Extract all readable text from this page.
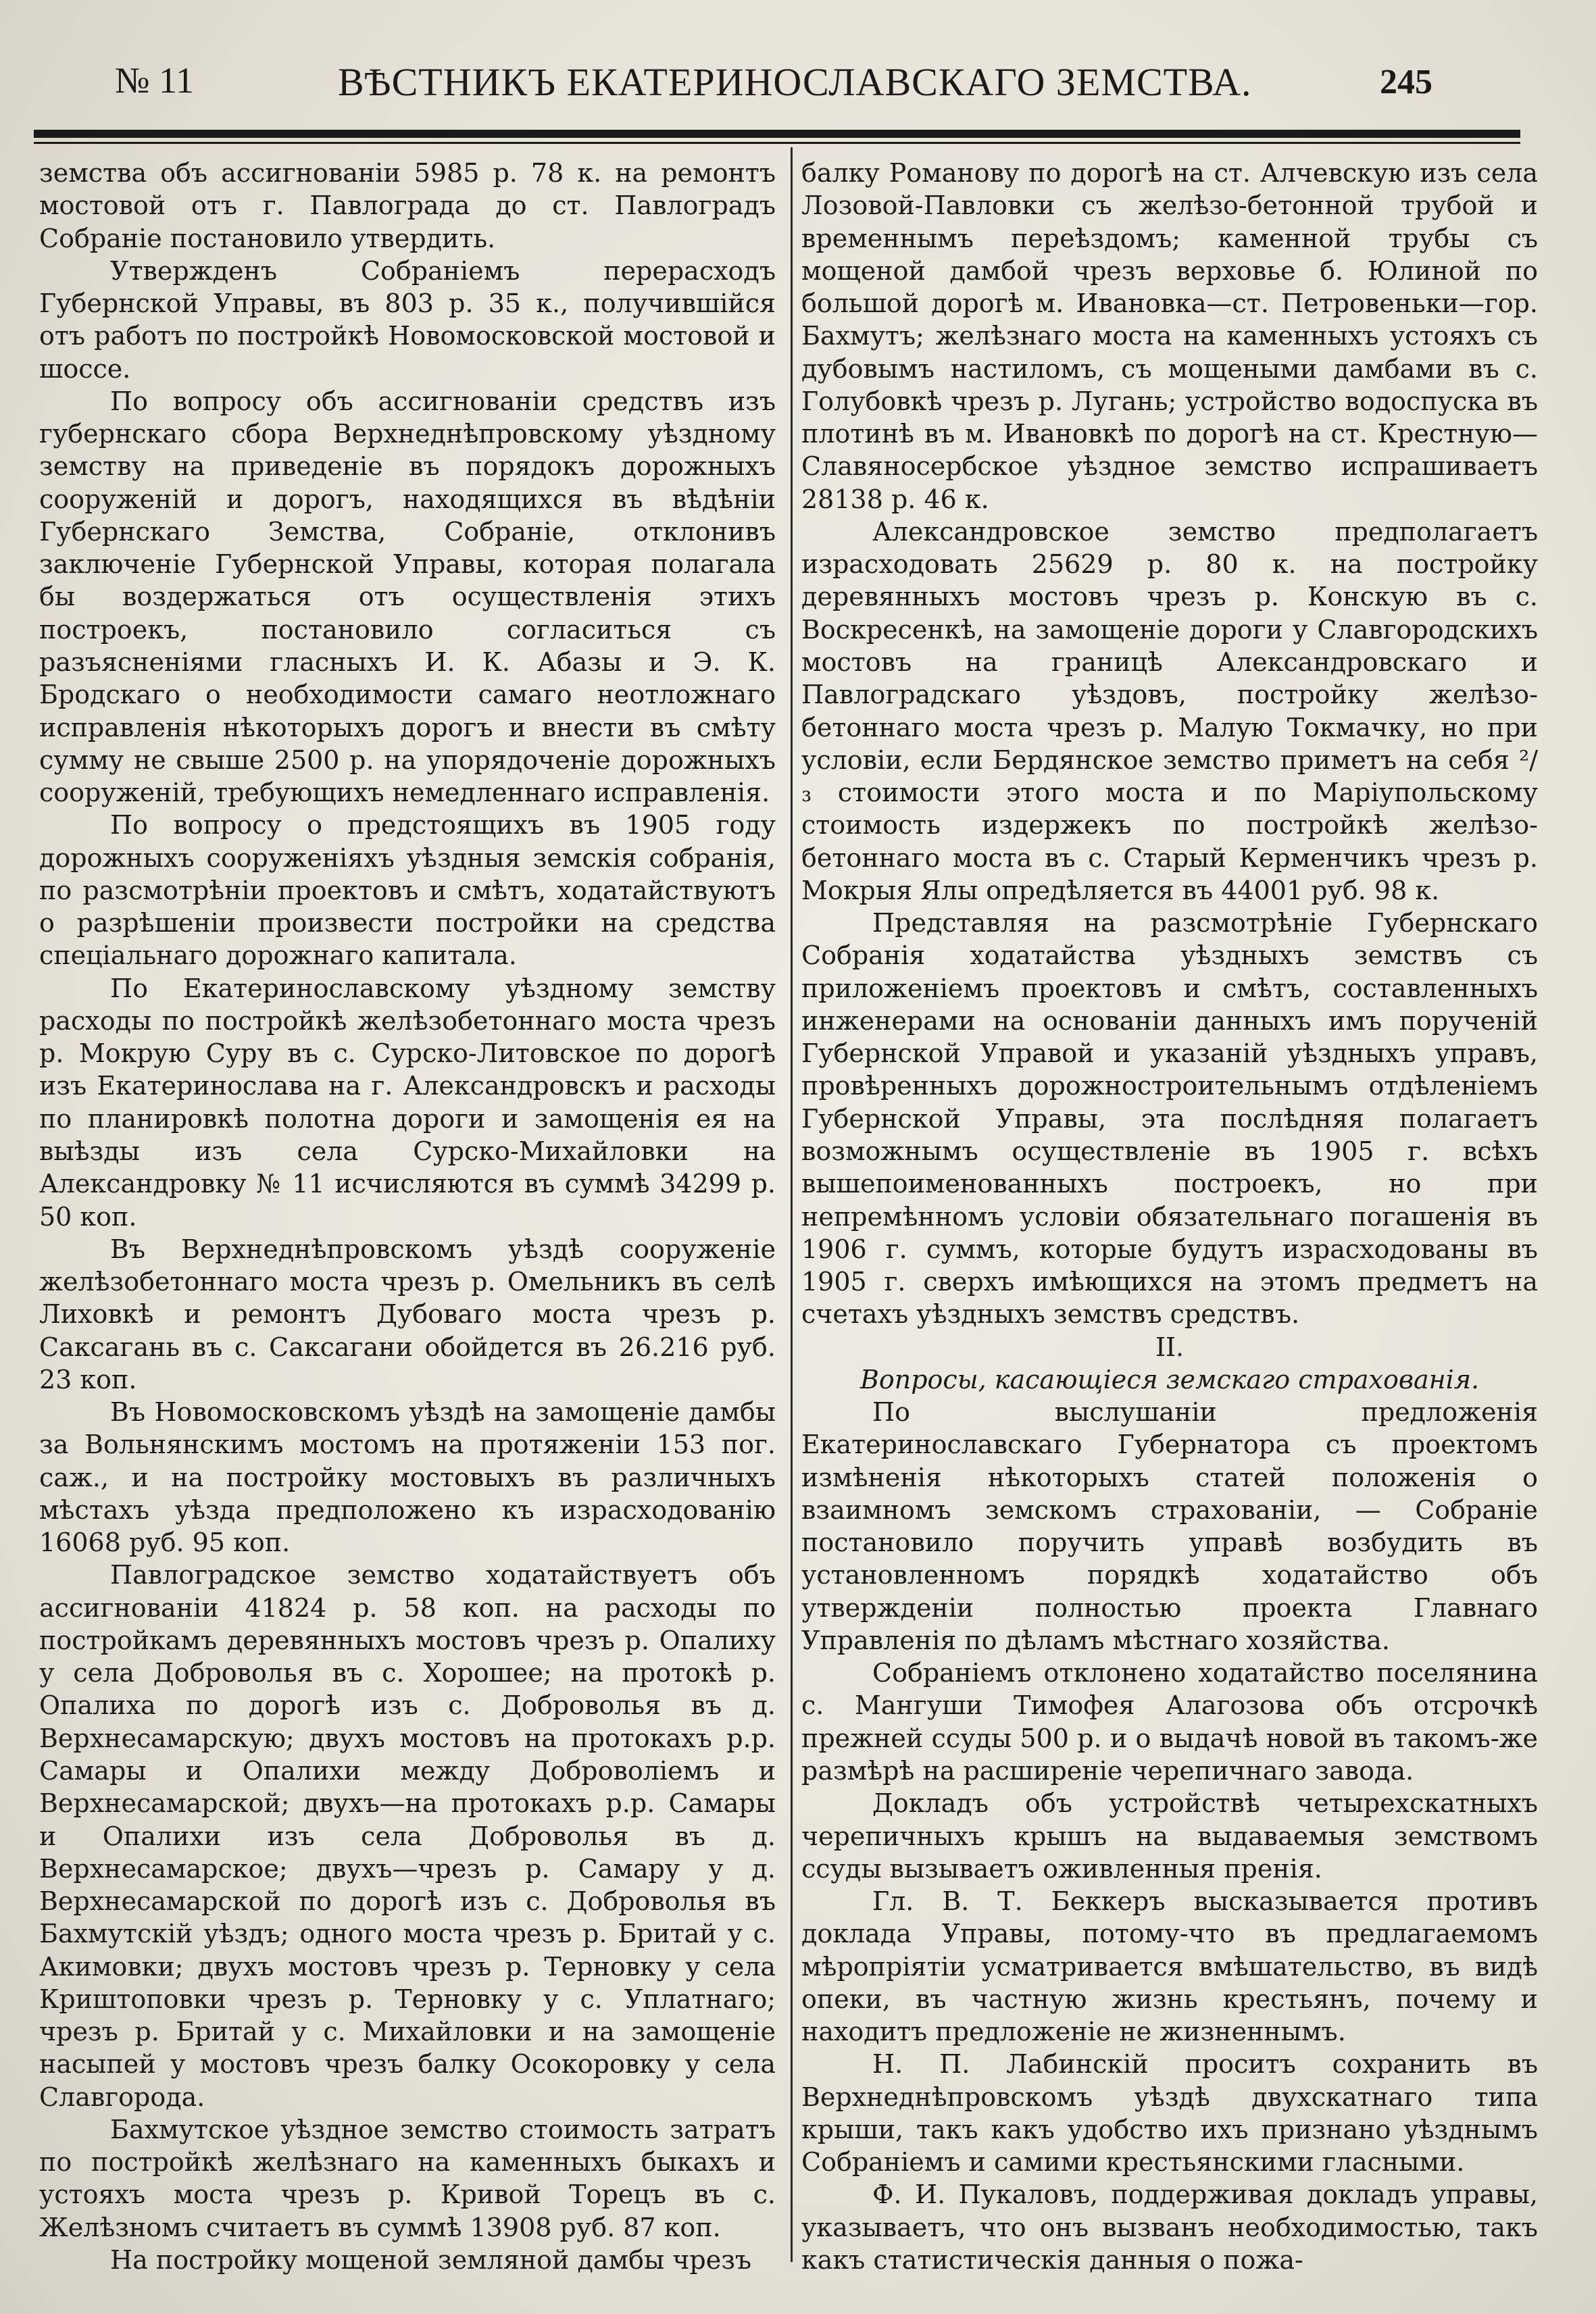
№ 11	ВѢСТНИКЪ ЕКАТЕРИНОСЛАВСКАГО ЗЕМСТВА.	245

земства объ ассигнованіи 5985 р. 78 к. на ремонтъ мостовой отъ г. Павлограда до ст. Павлоградъ Собраніе постановило утвердить.

Утвержденъ Собраніемъ перерасходъ Губернской Управы, въ 803 р. 35 к., получившійся отъ работъ по постройкѣ Новомосковской мостовой и шоссе.

По вопросу объ ассигнованіи средствъ изъ губернскаго сбора Верхнеднѣпровскому уѣздному земству на приведеніе въ порядокъ дорожныхъ сооруженій и дорогъ, находящихся въ вѣдѣніи Губернскаго Земства, Собраніе, отклонивъ заключеніе Губернской Управы, которая полагала бы воздержаться отъ осуществленія этихъ построекъ, постановило согласиться съ разъясненіями гласныхъ И. К. Абазы и Э. К. Бродскаго о необходимости самаго неотложнаго исправленія нѣкоторыхъ дорогъ и внести въ смѣту сумму не свыше 2500 р. на упорядоченіе дорожныхъ сооруженій, требующихъ немедленнаго исправленія.

По вопросу о предстоящихъ въ 1905 году дорожныхъ сооруженіяхъ уѣздныя земскія собранія, по разсмотрѣніи проектовъ и смѣтъ, ходатайствуютъ о разрѣшеніи произвести постройки на средства спеціальнаго дорожнаго капитала.

По Екатеринославскому уѣздному земству расходы по постройкѣ желѣзобетоннаго моста чрезъ р. Мокрую Суру въ с. Сурско-Литовское по дорогѣ изъ Екатеринослава на г. Александровскъ и расходы по планировкѣ полотна дороги и замощенія ея на выѣзды изъ села Сурско-Михайловки на Александровку № 11 исчисляются въ суммѣ 34299 р. 50 коп.

Въ Верхнеднѣпровскомъ уѣздѣ сооруженіе желѣзобетоннаго моста чрезъ р. Омельникъ въ селѣ Лиховкѣ и ремонтъ Дубоваго моста чрезъ р. Саксагань въ с. Саксагани обойдется въ 26.216 руб. 23 коп.

Въ Новомосковскомъ уѣздѣ на замощеніе дамбы за Вольнянскимъ мостомъ на протяженіи 153 пог. саж., и на постройку мостовыхъ въ различныхъ мѣстахъ уѣзда предположено къ израсходованію 16068 руб. 95 коп.

Павлоградское земство ходатайствуетъ объ ассигнованіи 41824 р. 58 коп. на расходы по постройкамъ деревянныхъ мостовъ чрезъ р. Опалиху у села Доброволья въ с. Хорошее; на протокѣ р. Опалиха по дорогѣ изъ с. Доброволья въ д. Верхнесамарскую; двухъ мостовъ на протокахъ р.р. Самары и Опалихи между Доброволіемъ и Верхнесамарской; двухъ—на протокахъ р.р. Самары и Опалихи изъ села Доброволья въ д. Верхнесамарское; двухъ—чрезъ р. Самару у д. Верхнесамарской по дорогѣ изъ с. Доброволья въ Бахмутскій уѣздъ; одного моста чрезъ р. Бритай у с. Акимовки; двухъ мостовъ чрезъ р. Терновку у села Криштоповки чрезъ р. Терновку у с. Уплатнаго; чрезъ р. Бритай у с. Михайловки и на замощеніе насыпей у мостовъ чрезъ балку Осокоровку у села Славгорода.

Бахмутское уѣздное земство стоимость затратъ по постройкѣ желѣзнаго на каменныхъ быкахъ и устояхъ моста чрезъ р. Кривой Торецъ въ с. Желѣзномъ считаетъ въ суммѣ 13908 руб. 87 коп.

На постройку мощеной земляной дамбы чрезъ

балку Романову по дорогѣ на ст. Алчевскую изъ села Лозовой-Павловки съ желѣзо-бетонной трубой и временнымъ переѣздомъ; каменной трубы съ мощеной дамбой чрезъ верховье б. Юлиной по большой дорогѣ м. Ивановка—ст. Петровеньки—гор. Бахмутъ; желѣзнаго моста на каменныхъ устояхъ съ дубовымъ настиломъ, съ мощеными дамбами въ с. Голубовкѣ чрезъ р. Лугань; устройство водоспуска въ плотинѣ въ м. Ивановкѣ по дорогѣ на ст. Крестную—Славяносербское уѣздное земство испрашиваетъ 28138 р. 46 к.

Александровское земство предполагаетъ израсходовать 25629 р. 80 к. на постройку деревянныхъ мостовъ чрезъ р. Конскую въ с. Воскресенкѣ, на замощеніе дороги у Славгородскихъ мостовъ на границѣ Александровскаго и Павлоградскаго уѣздовъ, постройку желѣзо-бетоннаго моста чрезъ р. Малую Токмачку, но при условіи, если Бердянское земство приметъ на себя ²/₃ стоимости этого моста и по Маріупольскому стоимость издержекъ по постройкѣ желѣзо-бетоннаго моста въ с. Старый Керменчикъ чрезъ р. Мокрыя Ялы опредѣляется въ 44001 руб. 98 к.

Представляя на разсмотрѣніе Губернскаго Собранія ходатайства уѣздныхъ земствъ съ приложеніемъ проектовъ и смѣтъ, составленныхъ инженерами на основаніи данныхъ имъ порученій Губернской Управой и указаній уѣздныхъ управъ, провѣренныхъ дорожностроительнымъ отдѣленіемъ Губернской Управы, эта послѣдняя полагаетъ возможнымъ осуществленіе въ 1905 г. всѣхъ вышепоименованныхъ построекъ, но при непремѣнномъ условіи обязательнаго погашенія въ 1906 г. суммъ, которые будутъ израсходованы въ 1905 г. сверхъ имѣющихся на этомъ предметъ на счетахъ уѣздныхъ земствъ средствъ.

II.

Вопросы, касающіеся земскаго страхованія.

По выслушаніи предложенія Екатеринославскаго Губернатора съ проектомъ измѣненія нѣкоторыхъ статей положенія о взаимномъ земскомъ страхованіи, — Собраніе постановило поручить управѣ возбудить въ установленномъ порядкѣ ходатайство объ утвержденіи полностью проекта Главнаго Управленія по дѣламъ мѣстнаго хозяйства.

Собраніемъ отклонено ходатайство поселянина с. Мангуши Тимофея Алагозова объ отсрочкѣ прежней ссуды 500 р. и о выдачѣ новой въ такомъ-же размѣрѣ на расширеніе черепичнаго завода.

Докладъ объ устройствѣ четырехскатныхъ черепичныхъ крышъ на выдаваемыя земствомъ ссуды вызываетъ оживленныя пренія.

Гл. В. Т. Беккеръ высказывается противъ доклада Управы, потому-что въ предлагаемомъ мѣропріятіи усматривается вмѣшательство, въ видѣ опеки, въ частную жизнь крестьянъ, почему и находитъ предложеніе не жизненнымъ.

Н. П. Лабинскій проситъ сохранить въ Верхнеднѣпровскомъ уѣздѣ двухскатнаго типа крыши, такъ какъ удобство ихъ признано уѣзднымъ Собраніемъ и самими крестьянскими гласными.

Ф. И. Пукаловъ, поддерживая докладъ управы, указываетъ, что онъ вызванъ необходимостью, такъ какъ статистическія данныя о пожа-
